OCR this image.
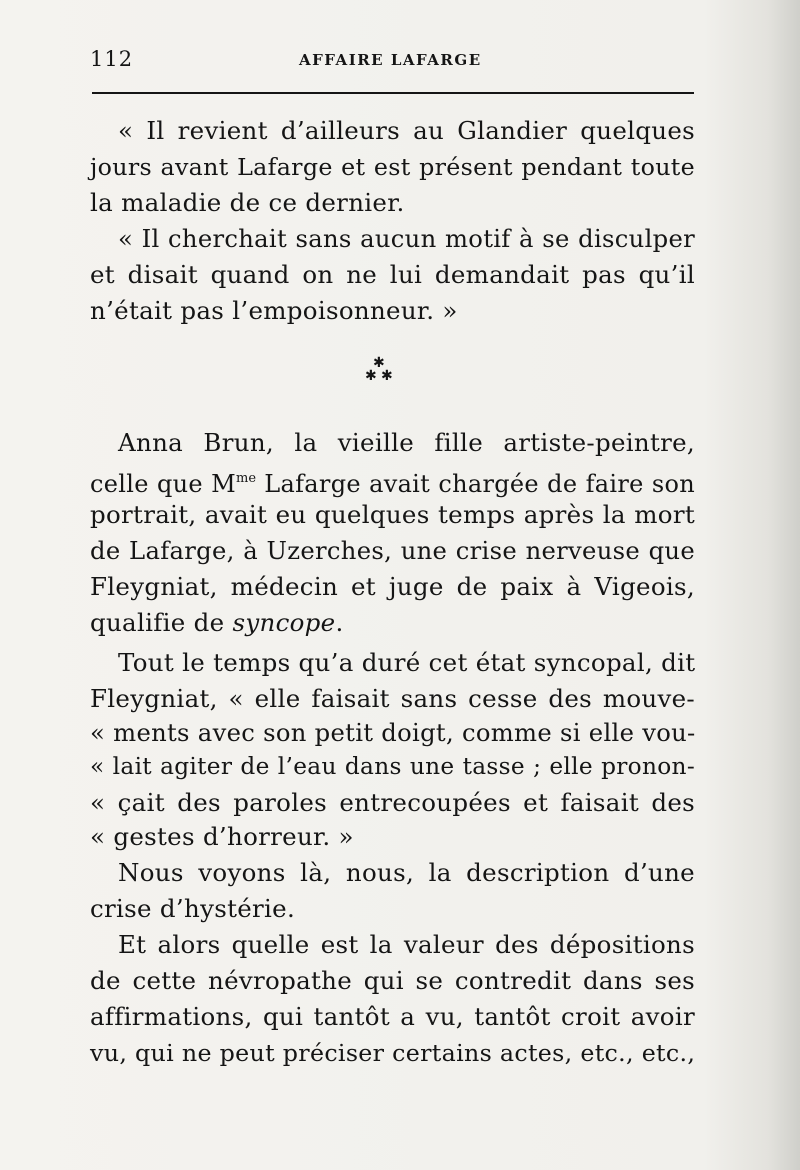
112	AFFAIRE LAFARGE
« Il revient d’ailleurs au Glandier quelques
jours avant Lafarge et est présent pendant toute
la maladie de ce dernier.
« Il cherchait sans aucun motif à se disculper
et disait quand on ne lui demandait pas qu’il
n’était pas l’empoisonneur. »
✱
✱ ✱
Anna Brun, la vieille fille artiste-peintre,
celle que $M^{me}$ Lafarge avait chargée de faire son
portrait, avait eu quelques temps après la mort
de Lafarge, à Uzerches, une crise nerveuse que
Fleygniat, médecin et juge de paix à Vigeois,
qualifie de syncope.
Tout le temps qu’a duré cet état syncopal, dit
Fleygniat, « elle faisait sans cesse des mouve-
« ments avec son petit doigt, comme si elle vou-
« lait agiter de l’eau dans une tasse ; elle pronon-
« çait des paroles entrecoupées et faisait des
« gestes d’horreur. »
Nous voyons là, nous, la description d’une
crise d’hystérie.
Et alors quelle est la valeur des dépositions
de cette névropathe qui se contredit dans ses
affirmations, qui tantôt a vu, tantôt croit avoir
vu, qui ne peut préciser certains actes, etc., etc.,
